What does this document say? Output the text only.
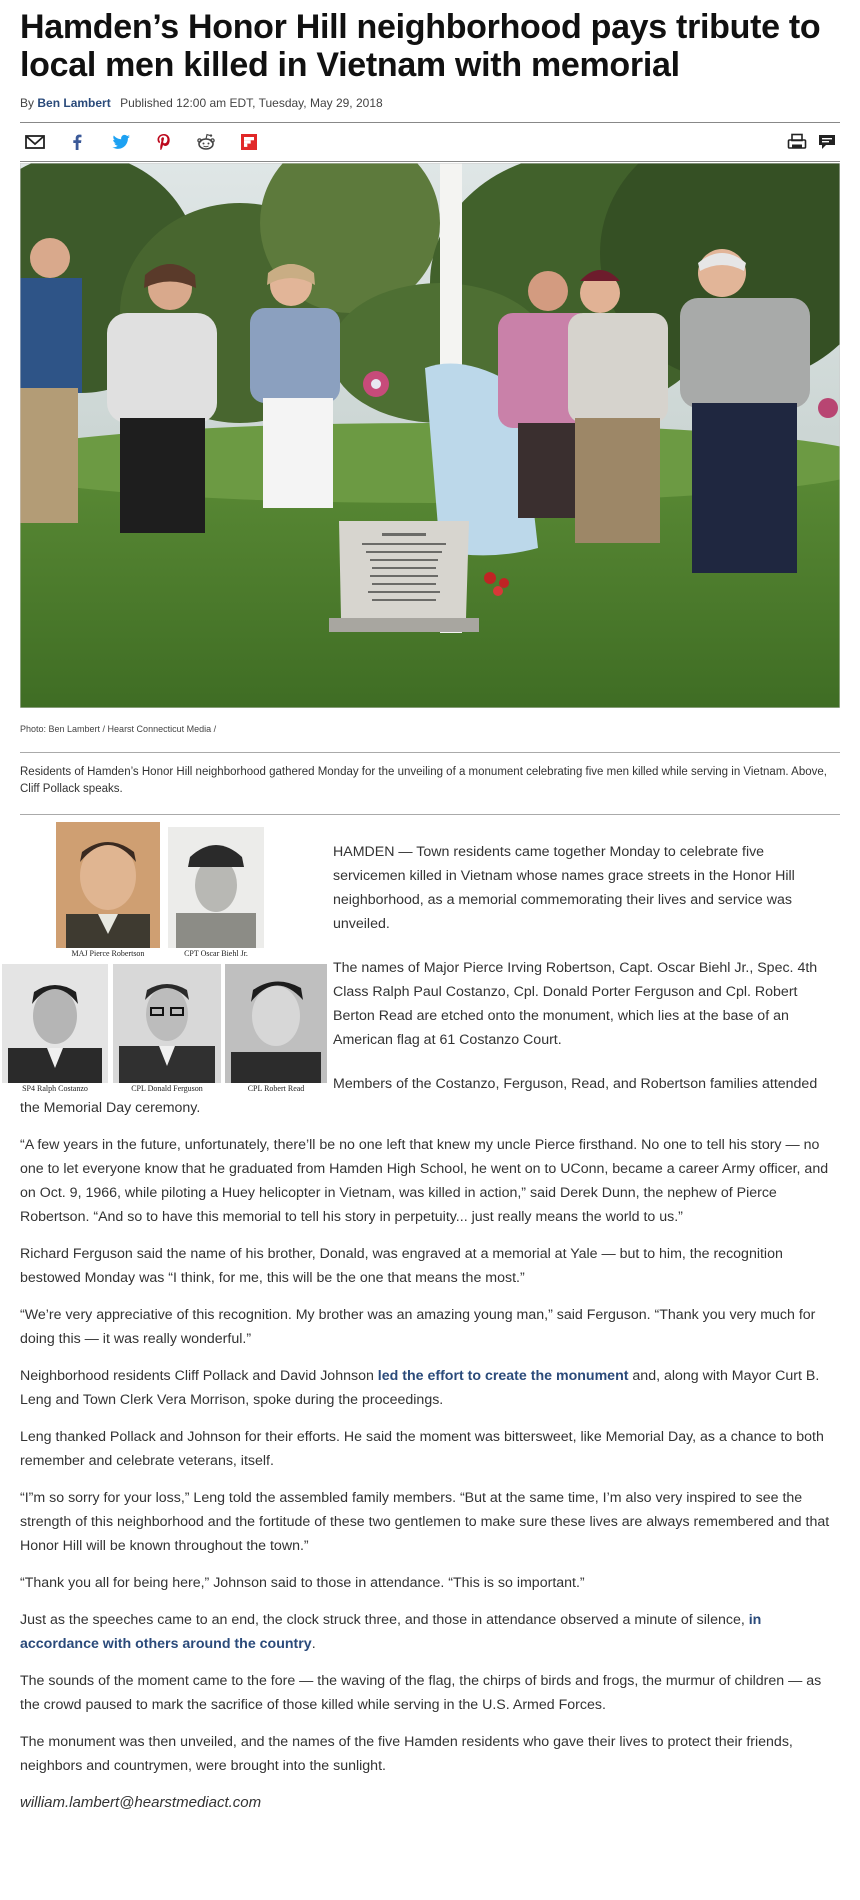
Hamden’s Honor Hill neighborhood pays tribute to local men killed in Vietnam with memorial
By Ben Lambert Published 12:00 am EDT, Tuesday, May 29, 2018
Photo: Ben Lambert / Hearst Connecticut Media /
Residents of Hamden’s Honor Hill neighborhood gathered Monday for the unveiling of a monument celebrating five men killed while serving in Vietnam. Above, Cliff Pollack speaks.
MAJ Pierce Robertson	CPT Oscar Biehl Jr.
SP4 Ralph Costanzo	CPL Donald Ferguson	CPL Robert Read

HAMDEN — Town residents came together Monday to celebrate five servicemen killed in Vietnam whose names grace streets in the Honor Hill neighborhood, as a memorial commemorating their lives and service was unveiled.

The names of Major Pierce Irving Robertson, Capt. Oscar Biehl Jr., Spec. 4th Class Ralph Paul Costanzo, Cpl. Donald Porter Ferguson and Cpl. Robert Berton Read are etched onto the monument, which lies at the base of an American flag at 61 Costanzo Court.

Members of the Costanzo, Ferguson, Read, and Robertson families attended

the Memorial Day ceremony.

“A few years in the future, unfortunately, there’ll be no one left that knew my uncle Pierce firsthand. No one to tell his story — no one to let everyone know that he graduated from Hamden High School, he went on to UConn, became a career Army officer, and on Oct. 9, 1966, while piloting a Huey helicopter in Vietnam, was killed in action,” said Derek Dunn, the nephew of Pierce Robertson. “And so to have this memorial to tell his story in perpetuity... just really means the world to us.”

Richard Ferguson said the name of his brother, Donald, was engraved at a memorial at Yale — but to him, the recognition bestowed Monday was “I think, for me, this will be the one that means the most.”

“We’re very appreciative of this recognition. My brother was an amazing young man,” said Ferguson. “Thank you very much for doing this — it was really wonderful.”

Neighborhood residents Cliff Pollack and David Johnson led the effort to create the monument and, along with Mayor Curt B. Leng and Town Clerk Vera Morrison, spoke during the proceedings.

Leng thanked Pollack and Johnson for their efforts. He said the moment was bittersweet, like Memorial Day, as a chance to both remember and celebrate veterans, itself.

“I”m so sorry for your loss,” Leng told the assembled family members. “But at the same time, I’m also very inspired to see the strength of this neighborhood and the fortitude of these two gentlemen to make sure these lives are always remembered and that Honor Hill will be known throughout the town.”

“Thank you all for being here,” Johnson said to those in attendance. “This is so important.”

Just as the speeches came to an end, the clock struck three, and those in attendance observed a minute of silence, in accordance with others around the country.

The sounds of the moment came to the fore — the waving of the flag, the chirps of birds and frogs, the murmur of children — as the crowd paused to mark the sacrifice of those killed while serving in the U.S. Armed Forces.

The monument was then unveiled, and the names of the five Hamden residents who gave their lives to protect their friends, neighbors and countrymen, were brought into the sunlight.

william.lambert@hearstmediact.com
